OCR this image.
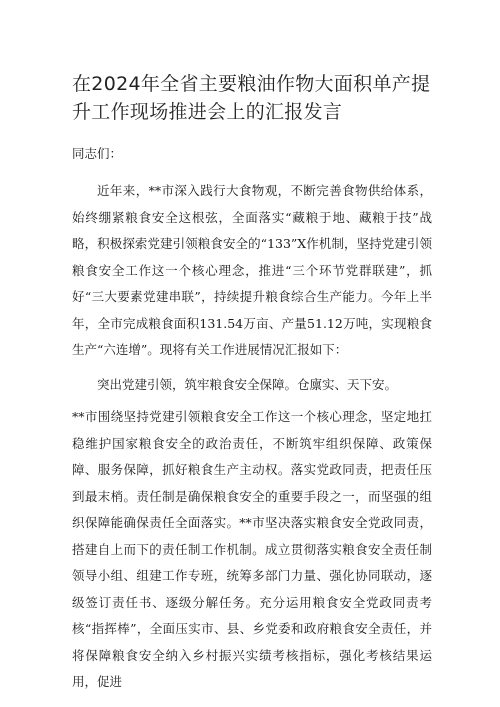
在2024年全省主要粮油作物大面积单产提升工作现场推进会上的汇报发言

同志们：

近年来，**市深入践行大食物观，不断完善食物供给体系，始终绷紧粮食安全这根弦，全面落实“藏粮于地、藏粮于技”战略，积极探索党建引领粮食安全的“133”X作机制，坚持党建引领粮食安全工作这一个核心理念，推进“三个环节党群联建”，抓好“三大要素党建串联”，持续提升粮食综合生产能力。今年上半年，全市完成粮食面积131.54万亩、产量51.12万吨，实现粮食生产“六连增”。现将有关工作进展情况汇报如下：

突出党建引领，筑牢粮食安全保障。仓廪实、天下安。

**市围绕坚持党建引领粮食安全工作这一个核心理念，坚定地扛稳维护国家粮食安全的政治责任，不断筑牢组织保障、政策保障、服务保障，抓好粮食生产主动权。落实党政同责，把责任压到最末梢。责任制是确保粮食安全的重要手段之一，而坚强的组织保障能确保责任全面落实。**市坚决落实粮食安全党政同责，搭建自上而下的责任制工作机制。成立贯彻落实粮食安全责任制领导小组、组建工作专班，统筹多部门力量、强化协同联动，逐级签订责任书、逐级分解任务。充分运用粮食安全党政同责考核“指挥棒”，全面压实市、县、乡党委和政府粮食安全责任，并将保障粮食安全纳入乡村振兴实绩考核指标，强化考核结果运用，促进
